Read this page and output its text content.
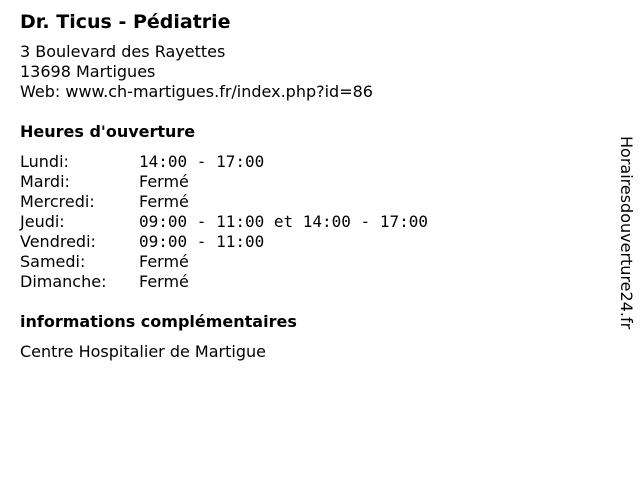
Dr. Ticus - Pédiatrie
3 Boulevard des Rayettes
13698 Martigues
Web: www.ch-martigues.fr/index.php?id=86
Heures d'ouverture
Lundi:	14:00 - 17:00
Mardi:	Fermé
Mercredi:	Fermé
Jeudi:	09:00 - 11:00 et 14:00 - 17:00
Vendredi:	09:00 - 11:00
Samedi:	Fermé
Dimanche: Fermé
informations complémentaires
Centre Hospitalier de Martigue
Horairesdouverture24.fr
